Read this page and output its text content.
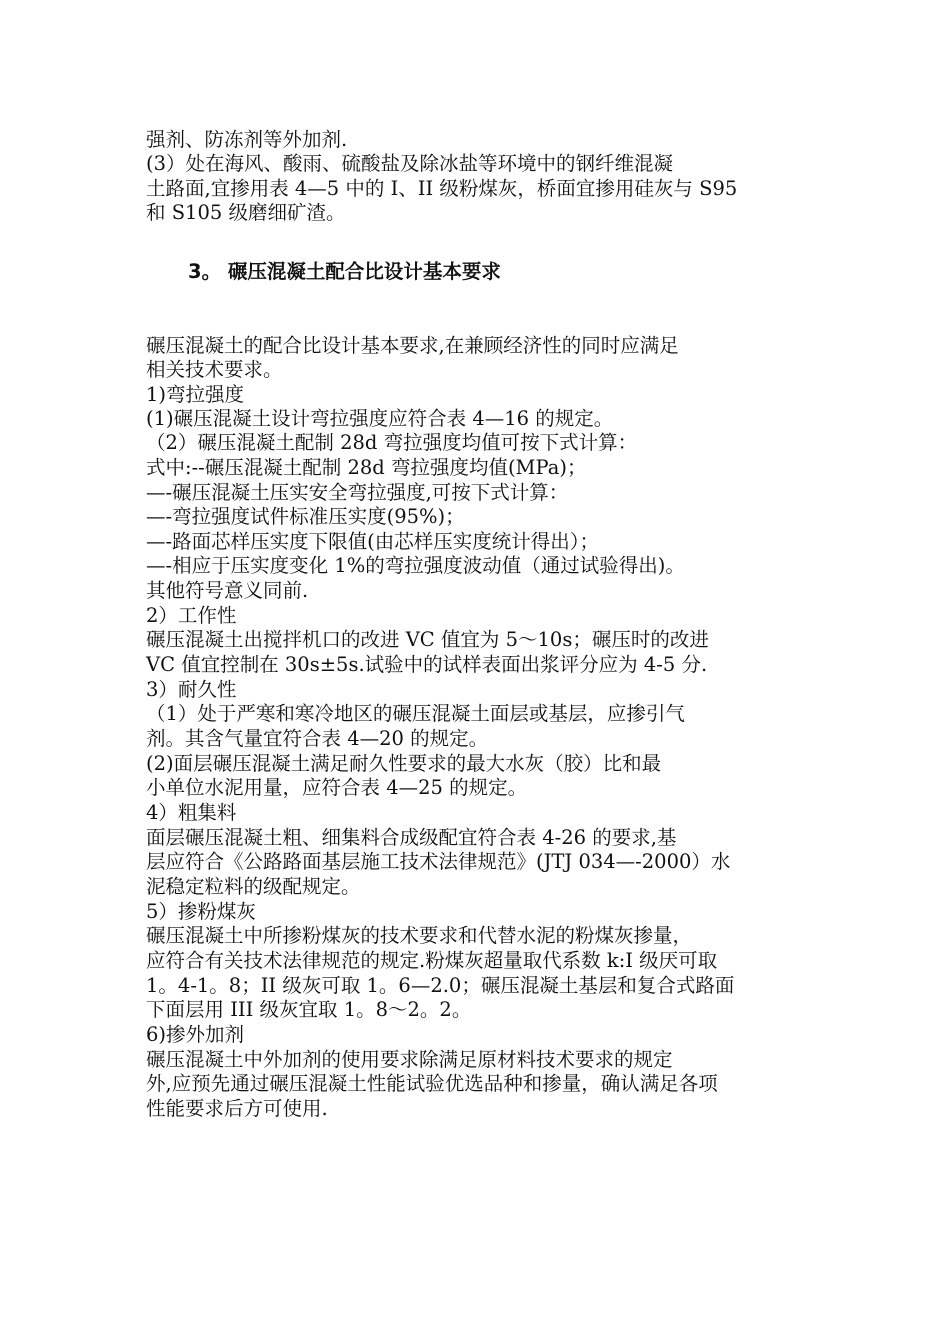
强剂、防冻剂等外加剂.
(3）处在海风、酸雨、硫酸盐及除冰盐等环境中的钢纤维混凝
土路面,宜掺用表 4—5 中的 I、II 级粉煤灰，桥面宜掺用硅灰与 S95
和 S105 级磨细矿渣。
3。 碾压混凝土配合比设计基本要求
碾压混凝土的配合比设计基本要求,在兼顾经济性的同时应满足
相关技术要求。
1)弯拉强度
(1)碾压混凝土设计弯拉强度应符合表 4—16 的规定。
（2）碾压混凝土配制 28d 弯拉强度均值可按下式计算：
式中:--碾压混凝土配制 28d 弯拉强度均值(MPa)；
—-碾压混凝土压实安全弯拉强度,可按下式计算：
—-弯拉强度试件标准压实度(95%)；
—-路面芯样压实度下限值(由芯样压实度统计得出）；
—-相应于压实度变化 1%的弯拉强度波动值（通过试验得出)。
其他符号意义同前.
2）工作性
碾压混凝土出搅拌机口的改进 VC 值宜为 5～10s；碾压时的改进
VC 值宜控制在 30s±5s.试验中的试样表面出浆评分应为 4-5 分.
3）耐久性
（1）处于严寒和寒冷地区的碾压混凝土面层或基层，应掺引气
剂。其含气量宜符合表 4—20 的规定。
(2)面层碾压混凝土满足耐久性要求的最大水灰（胶）比和最
小单位水泥用量，应符合表 4—25 的规定。
4）粗集料
面层碾压混凝土粗、细集料合成级配宜符合表 4-26 的要求,基
层应符合《公路路面基层施工技术法律规范》(JTJ 034—-2000）水
泥稳定粒料的级配规定。
5）掺粉煤灰
碾压混凝土中所掺粉煤灰的技术要求和代替水泥的粉煤灰掺量，
应符合有关技术法律规范的规定.粉煤灰超量取代系数 k:I 级厌可取
1。4-1。8；II 级灰可取 1。6—2.0；碾压混凝土基层和复合式路面
下面层用 III 级灰宜取 1。8～2。2。
6)掺外加剂
碾压混凝土中外加剂的使用要求除满足原材料技术要求的规定
外,应预先通过碾压混凝土性能试验优选品种和掺量，确认满足各项
性能要求后方可使用.
